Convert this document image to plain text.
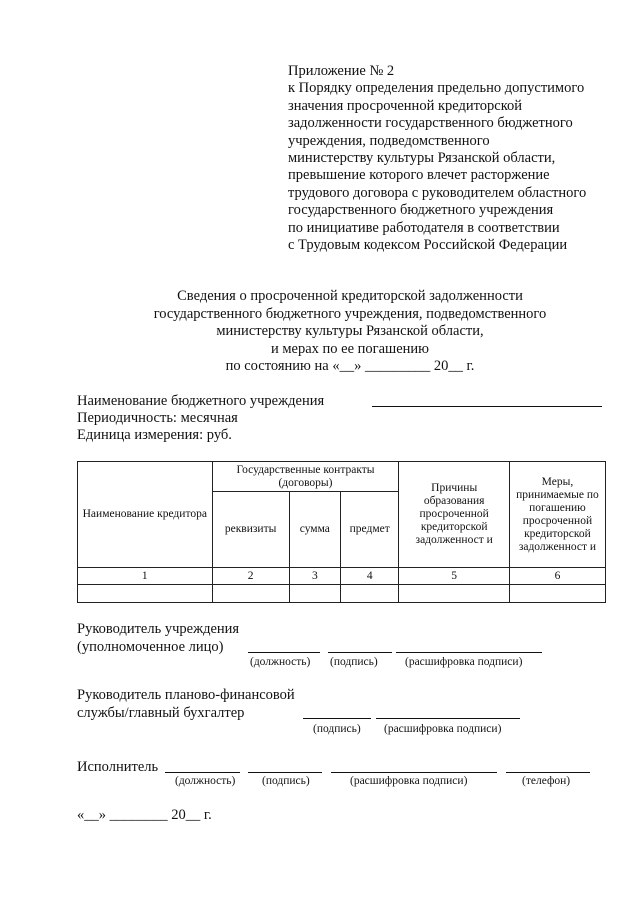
Приложение № 2
к Порядку определения предельно допустимого
значения просроченной кредиторской
задолженности государственного бюджетного
учреждения, подведомственного
министерству культуры Рязанской области,
превышение которого влечет расторжение
трудового договора с руководителем областного
государственного бюджетного учреждения
по инициативе работодателя в соответствии
с Трудовым кодексом Российской Федерации
Сведения о просроченной кредиторской задолженности
государственного бюджетного учреждения, подведомственного
министерству культуры Рязанской области,
и мерах по ее погашению
по состоянию на «__» _________ 20__ г.
Наименование бюджетного учреждения
Периодичность: месячная
Единица измерения: руб.
Наименование кредитора	Государственные контракты (договоры)			Причины образования просроченной кредиторской задолженност и	Меры, принимаемые по погашению просроченной кредиторской задолженност и
	реквизиты	сумма	предмет		
1	2	3	4	5	6

Руководитель учреждения
(уполномоченное лицо)
(должность) (подпись) (расшифровка подписи)
Руководитель планово-финансовой
службы/главный бухгалтер
(подпись) (расшифровка подписи)
Исполнитель
(должность) (подпись)	(расшифровка подписи)	(телефон)
«__» ________ 20__ г.
